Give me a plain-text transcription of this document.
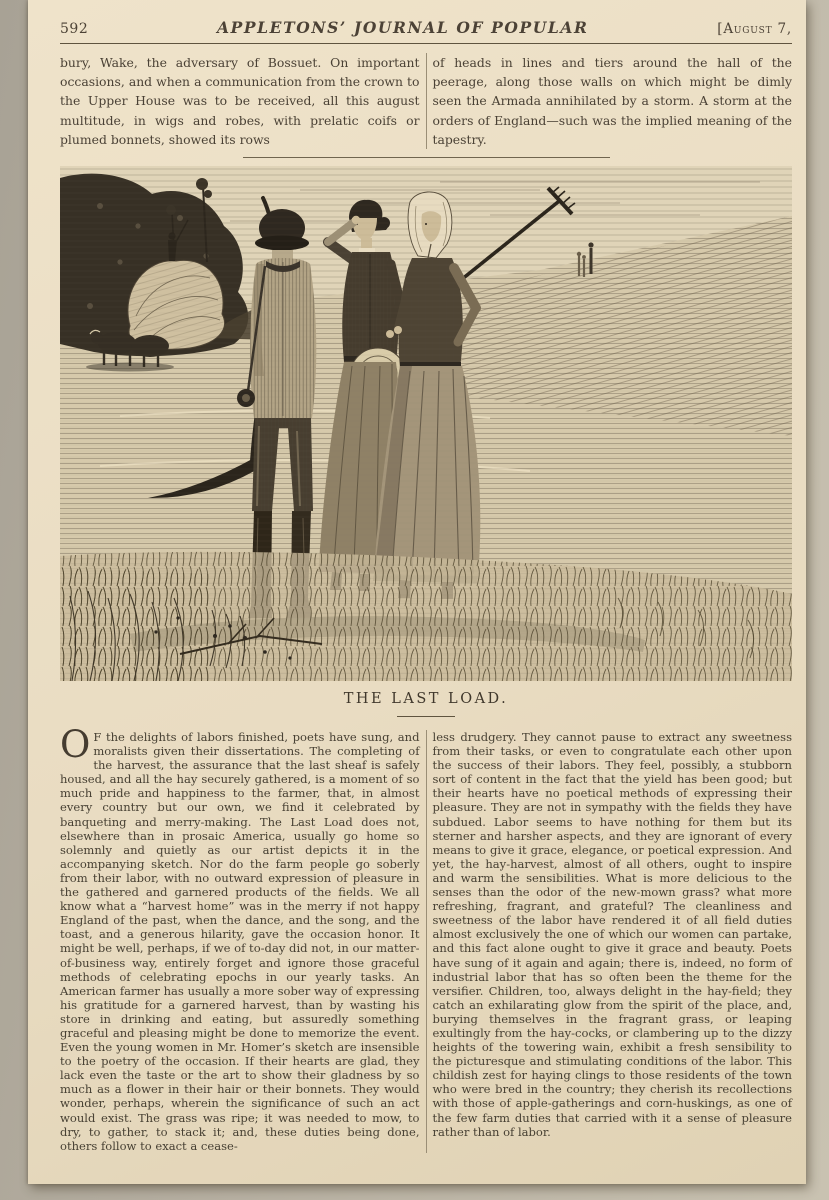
592	APPLETONS’ JOURNAL OF POPULAR	[August 7,
bury, Wake, the adversary of Bossuet. On important occasions, and when a communication from the crown to the Upper House was to be received, all this august multitude, in wigs and robes, with prelatic coifs or plumed bonnets, showed its rows
of heads in lines and tiers around the hall of the peerage, along those walls on which might be dimly seen the Armada annihilated by a storm. A storm at the orders of England—such was the implied meaning of the tapestry.
THE LAST LOAD.
O F the delights of labors finished, poets have sung, and moralists given their dissertations. The completing of the harvest, the assurance that the last sheaf is safely housed, and all the hay securely gathered, is a moment of so much pride and happiness to the farmer, that, in almost every country but our own, we find it celebrated by banqueting and merry-making. The Last Load does not, elsewhere than in prosaic America, usually go home so solemnly and quietly as our artist depicts it in the accompanying sketch. Nor do the farm people go soberly from their labor, with no outward expression of pleasure in the gathered and garnered products of the fields. We all know what a “harvest home” was in the merry if not happy England of the past, when the dance, and the song, and the toast, and a generous hilarity, gave the occasion honor. It might be well, perhaps, if we of to-day did not, in our matter-of-business way, entirely forget and ignore those graceful methods of celebrating epochs in our yearly tasks. An American farmer has usually a more sober way of expressing his gratitude for a garnered harvest, than by wasting his store in drinking and eating, but assuredly something graceful and pleasing might be done to memorize the event. Even the young women in Mr. Homer’s sketch are insensible to the poetry of the occasion. If their hearts are glad, they lack even the taste or the art to show their gladness by so much as a flower in their hair or their bonnets. They would wonder, perhaps, wherein the significance of such an act would exist. The grass was ripe; it was needed to mow, to dry, to gather, to stack it; and, these duties being done, others follow to exact a cease-
less drudgery. They cannot pause to extract any sweetness from their tasks, or even to congratulate each other upon the success of their labors. They feel, possibly, a stubborn sort of content in the fact that the yield has been good; but their hearts have no poetical methods of expressing their pleasure. They are not in sympathy with the fields they have subdued. Labor seems to have nothing for them but its sterner and harsher aspects, and they are ignorant of every means to give it grace, elegance, or poetical expression. And yet, the hay-harvest, almost of all others, ought to inspire and warm the sensibilities. What is more delicious to the senses than the odor of the new-mown grass? what more refreshing, fragrant, and grateful? The cleanliness and sweetness of the labor have rendered it of all field duties almost exclusively the one of which our women can partake, and this fact alone ought to give it grace and beauty. Poets have sung of it again and again; there is, indeed, no form of industrial labor that has so often been the theme for the versifier. Children, too, always delight in the hay-field; they catch an exhilarating glow from the spirit of the place, and, burying themselves in the fragrant grass, or leaping exultingly from the hay-cocks, or clambering up to the dizzy heights of the towering wain, exhibit a fresh sensibility to the picturesque and stimulating conditions of the labor. This childish zest for haying clings to those residents of the town who were bred in the country; they cherish its recollections with those of apple-gatherings and corn-huskings, as one of the few farm duties that carried with it a sense of pleasure rather than of labor.
